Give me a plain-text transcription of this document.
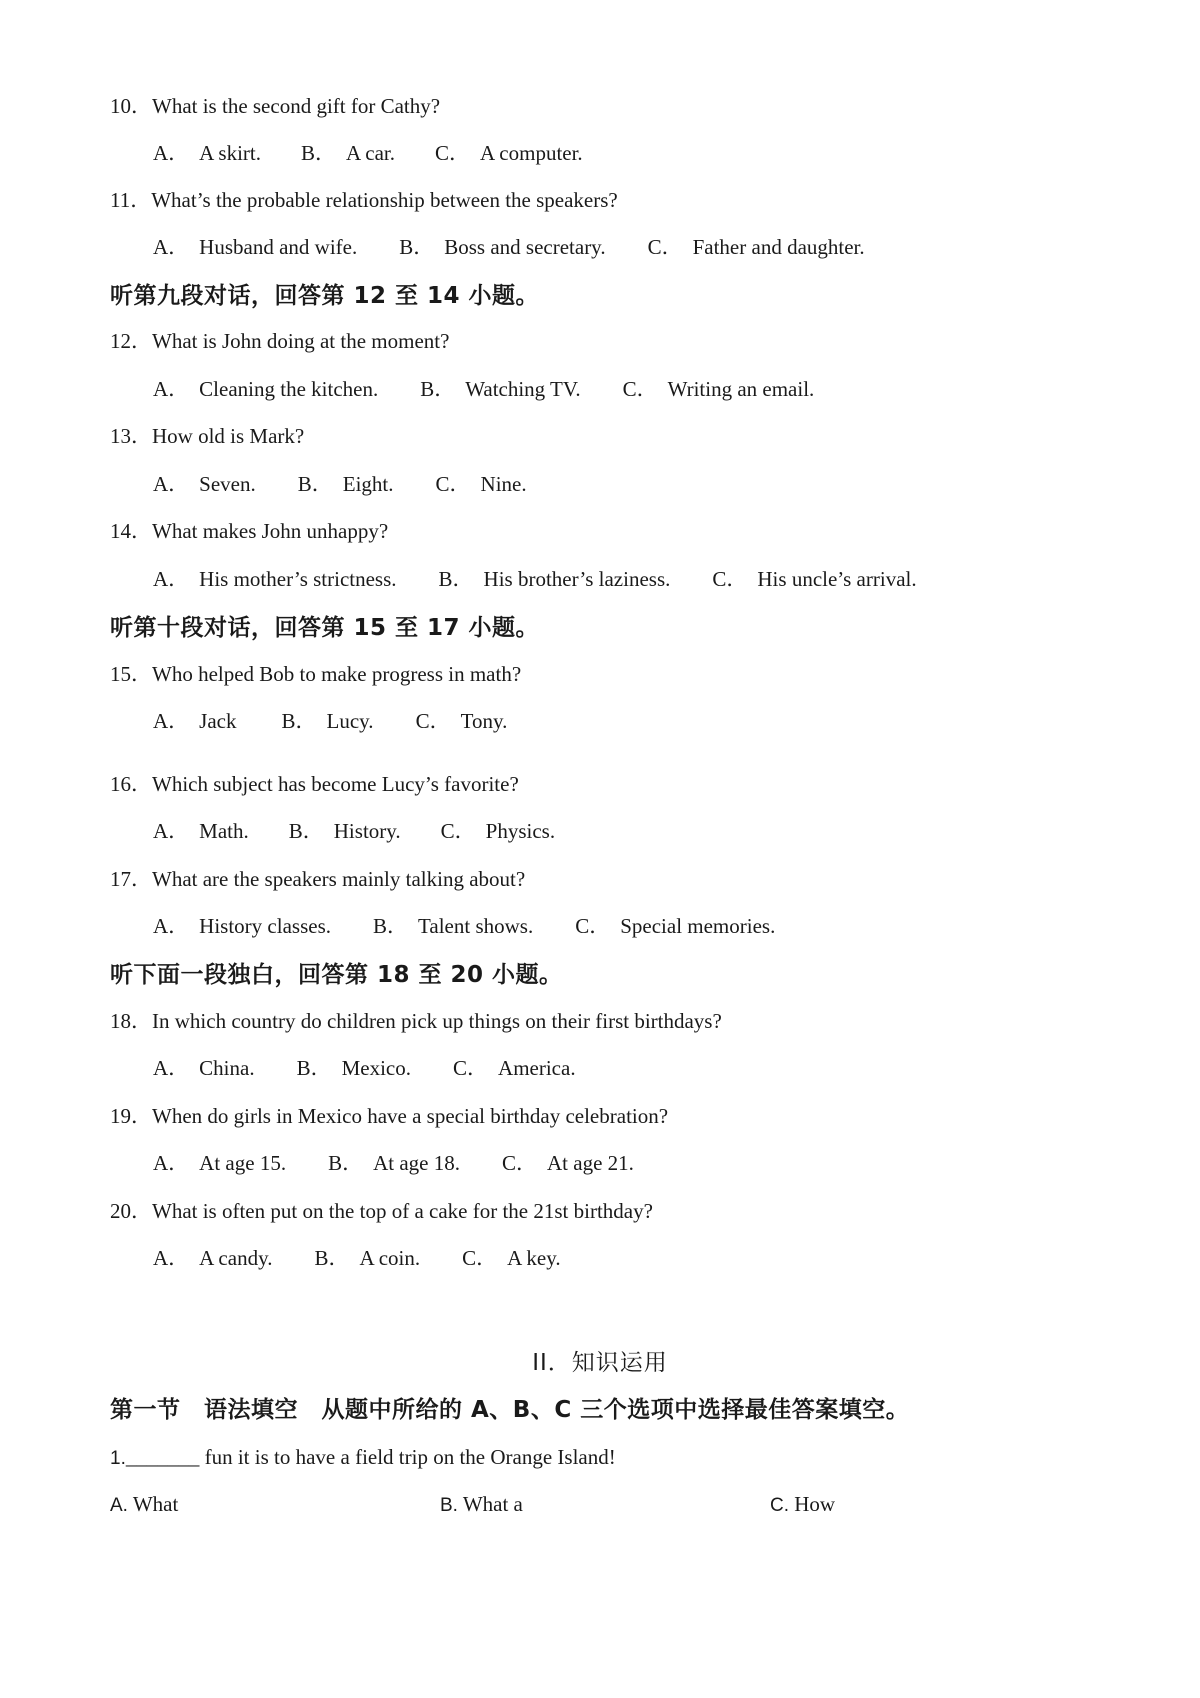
10．What is the second gift for Cathy?
A． A skirt. B． A car. C． A computer.
11．What’s the probable relationship between the speakers?
A． Husband and wife. B． Boss and secretary. C． Father and daughter.
听第九段对话，回答第 12 至 14 小题。
12．What is John doing at the moment?
A． Cleaning the kitchen. B． Watching TV. C． Writing an email.
13．How old is Mark?
A． Seven. B． Eight. C． Nine.
14．What makes John unhappy?
A． His mother’s strictness. B． His brother’s laziness. C． His uncle’s arrival.
听第十段对话，回答第 15 至 17 小题。
15．Who helped Bob to make progress in math?
A． Jack B． Lucy. C． Tony.
16．Which subject has become Lucy’s favorite?
A． Math. B． History. C． Physics.
17．What are the speakers mainly talking about?
A． History classes. B． Talent shows. C． Special memories.
听下面一段独白，回答第 18 至 20 小题。
18．In which country do children pick up things on their first birthdays?
A． China. B． Mexico. C． America.
19．When do girls in Mexico have a special birthday celebration?
A． At age 15. B． At age 18. C． At age 21.
20．What is often put on the top of a cake for the 21st birthday?
A． A candy. B． A coin. C． A key.
II．知识运用
第一节　语法填空　从题中所给的 A、B、C 三个选项中选择最佳答案填空。
1._______ fun it is to have a field trip on the Orange Island!
A. What	B. What a	C. How
